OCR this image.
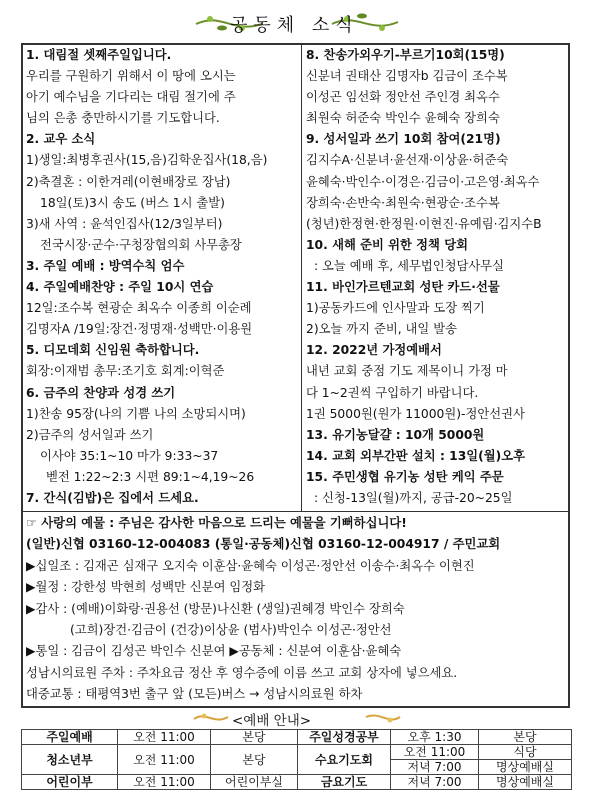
공동체 소식
1. 대림절 셋째주일입니다.
우리를 구원하기 위해서 이 땅에 오시는
아기 예수님을 기다리는 대림 절기에 주
님의 은총 충만하시기를 기도합니다.
2. 교우 소식
1)생일:최병후권사(15,음)김학운집사(18,음)
2)축결혼 : 이한겨레(이현배장로 장남)
18일(토)3시 송도 (버스 1시 출발)
3)새 사역 : 윤석인집사(12/3일부터)
전국시장·군수·구청장협의회 사무총장
3. 주일 예배 : 방역수칙 엄수
4. 주일예배찬양 : 주일 10시 연습
12일:조수복 현광순 최옥수 이종희 이순례
김명자A /19일:장건·정명재·성백만·이용원
5. 디모데회 신임원 축하합니다.
회장:이재범 총무:조기호 회계:이혁준
6. 금주의 찬양과 성경 쓰기
1)찬송 95장(나의 기쁨 나의 소망되시며)
2)금주의 성서일과 쓰기
이사야 35:1~10 마가 9:33~37
벧전 1:22~2:3 시편 89:1~4,19~26
7. 간식(김밥)은 집에서 드세요.
8. 찬송가외우기-부르기10회(15명)
신분녀 권태산 김명자b 김금이 조수복
이성곤 임선화 정안선 주인경 최옥수
최원숙 허준숙 박인수 윤혜숙 장희숙
9. 성서일과 쓰기 10회 참여(21명)
김지수A·신분녀·윤선재·이상윤·허준숙
윤혜숙·박인수·이경은·김금이·고은영·최옥수
장희숙·손반숙·최원숙·현광순·조수복
(청년)한정현·한정원·이현진·유예림·김지수B
10. 새해 준비 위한 정책 당회
: 오늘 예배 후, 세무법인청담사무실
11. 바인가르텐교회 성탄 카드·선물
1)공동카드에 인사말과 도장 찍기
2)오늘 까지 준비, 내일 발송
12. 2022년 가정예배서
내년 교회 중점 기도 제목이니 가정 마
다 1~2권씩 구입하기 바랍니다.
1권 5000원(원가 11000원)-정안선권사
13. 유기농달걀 : 10개 5000원
14. 교회 외부간판 설치 : 13일(월)오후
15. 주민생협 유기농 성탄 케익 주문
: 신청-13일(월)까지, 공급-20~25일
☞ 사랑의 예물 : 주님은 감사한 마음으로 드리는 예물을 기뻐하십니다!
(일반)신협 03160-12-004083 (통일·공동체)신협 03160-12-004917 / 주민교회
▶십일조 : 김재곤 심재구 오지숙 이훈삼·윤혜숙 이성곤·정안선 이송수·최옥수 이현진
▶월정 : 강한성 박현희 성백만 신분여 임정화
▶감사 : (예배)이화랑·권용선 (방문)나신환 (생일)권혜경 박인수 장희숙
(고희)장건·김금이 (건강)이상윤 (범사)박인수 이성곤·정안선
▶통일 : 김금이 김성곤 박인수 신분여 ▶공동체 : 신분여 이훈삼·윤혜숙
성남시의료원 주차 : 주차요금 정산 후 영수증에 이름 쓰고 교회 상자에 넣으세요.
대중교통 : 태평역3번 출구 앞 (모든)버스 → 성남시의료원 하차
<예배 안내>
주일예배	오전 11:00	본당	주일성경공부	오후 1:30	본당
청소년부	오전 11:00	본당	수요기도회	오전 11:00	식당
				저녁 7:00	명상예배실
어린이부	오전 11:00	어린이부실	금요기도	저녁 7:00	명상예배실
